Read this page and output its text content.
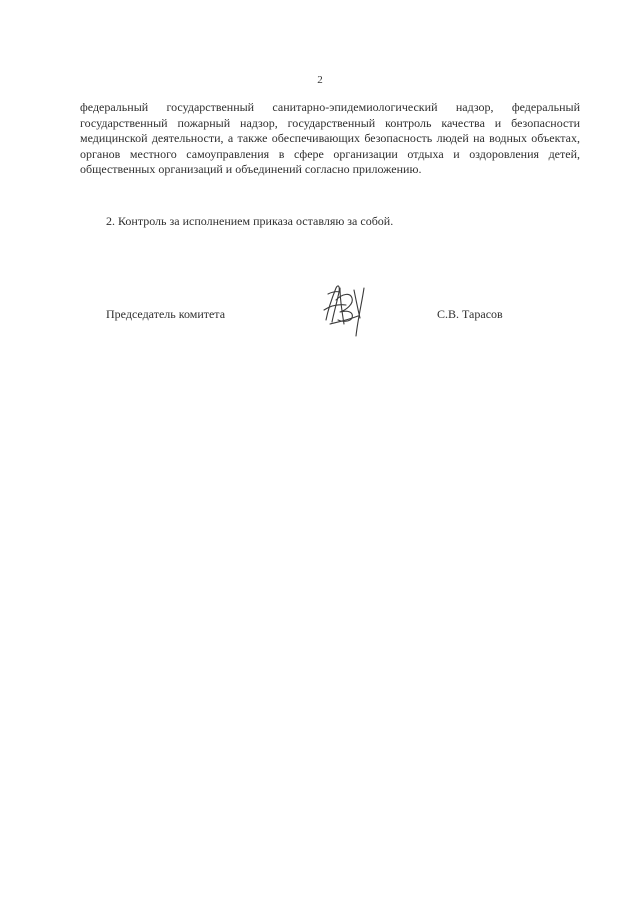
2

федеральный государственный санитарно-эпидемиологический надзор, федеральный государственный пожарный надзор, государственный контроль качества и безопасности медицинской деятельности, а также обеспечивающих безопасность людей на водных объектах, органов местного самоуправления в сфере организации отдыха и оздоровления детей, общественных организаций и объединений согласно приложению.

2. Контроль за исполнением приказа оставляю за собой.

Председатель комитета	С.В. Тарасов
